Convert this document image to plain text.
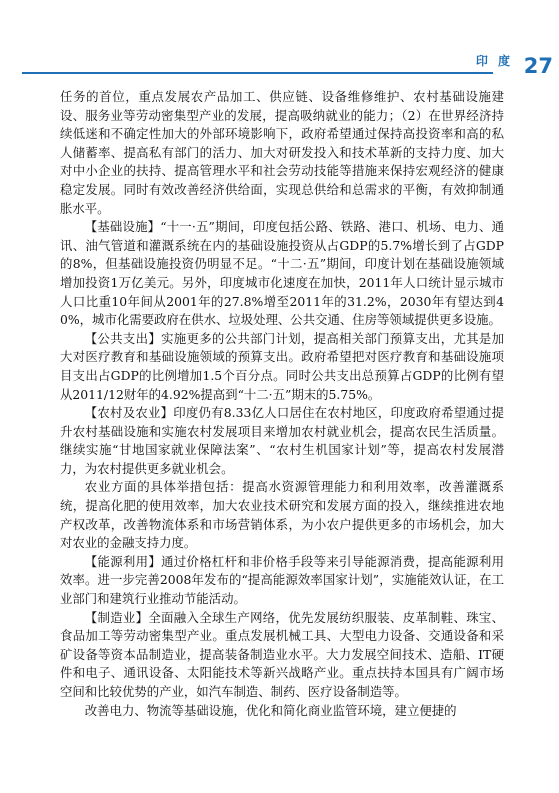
印 度 27

任务的首位，重点发展农产品加工、供应链、设备维修维护、农村基础设施建设、服务业等劳动密集型产业的发展，提高吸纳就业的能力；（2）在世界经济持续低迷和不确定性加大的外部环境影响下，政府希望通过保持高投资率和高的私人储蓄率、提高私有部门的活力、加大对研发投入和技术革新的支持力度、加大对中小企业的扶持、提高管理水平和社会劳动技能等措施来保持宏观经济的健康稳定发展。同时有效改善经济供给面，实现总供给和总需求的平衡，有效抑制通胀水平。

【基础设施】“十一·五”期间，印度包括公路、铁路、港口、机场、电力、通讯、油气管道和灌溉系统在内的基础设施投资从占GDP的5.7%增长到了占GDP的8%，但基础设施投资仍明显不足。“十二·五”期间，印度计划在基础设施领域增加投资1万亿美元。另外，印度城市化速度在加快，2011年人口统计显示城市人口比重10年间从2001年的27.8%增至2011年的31.2%，2030年有望达到40%，城市化需要政府在供水、垃圾处理、公共交通、住房等领域提供更多设施。

【公共支出】实施更多的公共部门计划，提高相关部门预算支出，尤其是加大对医疗教育和基础设施领域的预算支出。政府希望把对医疗教育和基础设施项目支出占GDP的比例增加1.5个百分点。同时公共支出总预算占GDP的比例有望从2011/12财年的4.92%提高到“十二·五”期末的5.75%。

【农村及农业】印度仍有8.33亿人口居住在农村地区，印度政府希望通过提升农村基础设施和实施农村发展项目来增加农村就业机会，提高农民生活质量。继续实施“甘地国家就业保障法案”、“农村生机国家计划”等，提高农村发展潜力，为农村提供更多就业机会。

农业方面的具体举措包括：提高水资源管理能力和利用效率，改善灌溉系统，提高化肥的使用效率，加大农业技术研究和发展方面的投入，继续推进农地产权改革，改善物流体系和市场营销体系，为小农户提供更多的市场机会，加大对农业的金融支持力度。

【能源利用】通过价格杠杆和非价格手段等来引导能源消费，提高能源利用效率。进一步完善2008年发布的“提高能源效率国家计划”，实施能效认证，在工业部门和建筑行业推动节能活动。

【制造业】全面融入全球生产网络，优先发展纺织服装、皮革制鞋、珠宝、食品加工等劳动密集型产业。重点发展机械工具、大型电力设备、交通设备和采矿设备等资本品制造业，提高装备制造业水平。大力发展空间技术、造船、IT硬件和电子、通讯设备、太阳能技术等新兴战略产业。重点扶持本国具有广阔市场空间和比较优势的产业，如汽车制造、制药、医疗设备制造等。

改善电力、物流等基础设施，优化和简化商业监管环境，建立便捷的
